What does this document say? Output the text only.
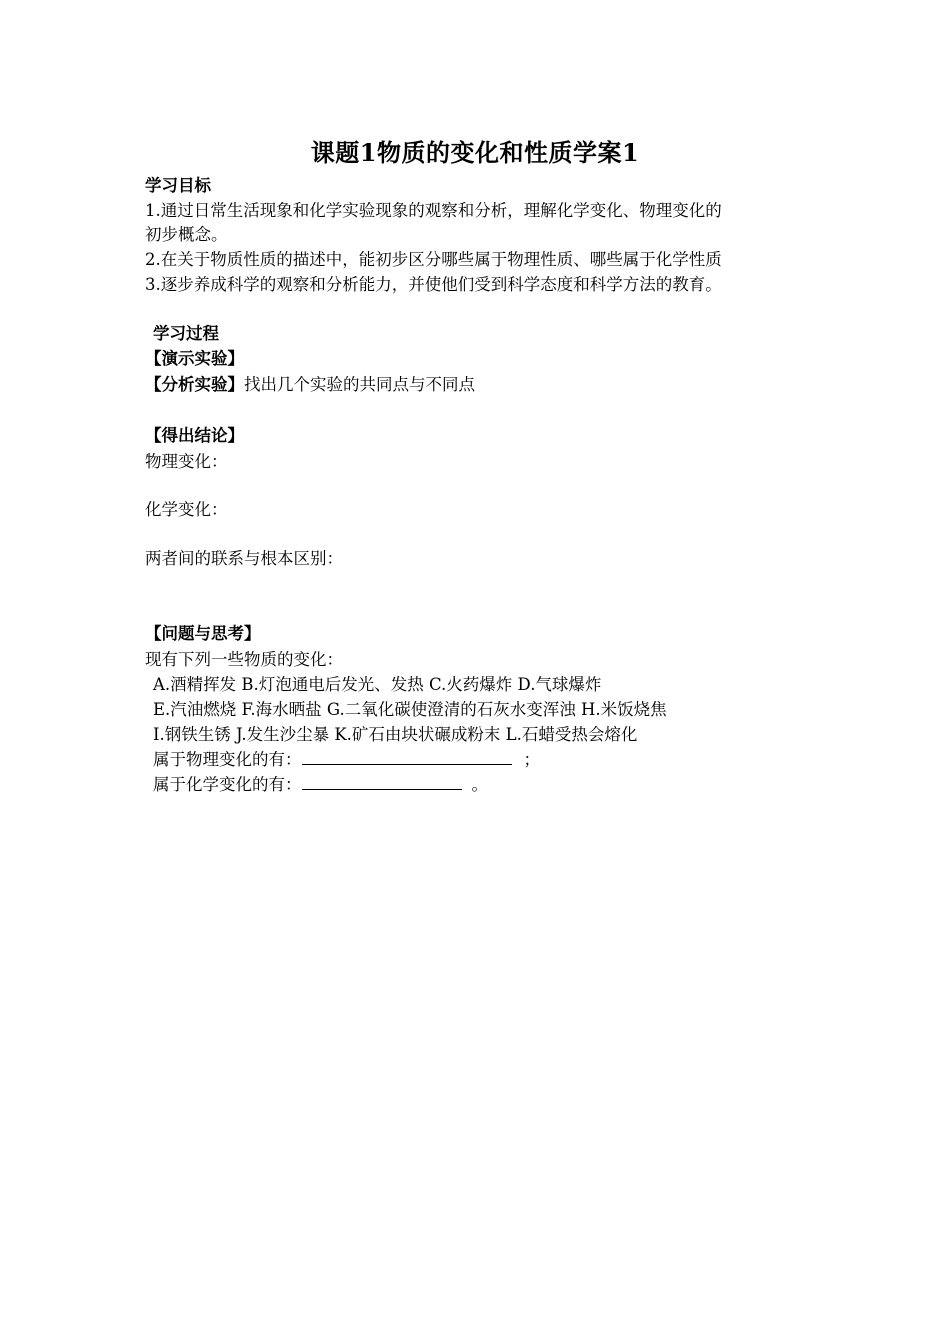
课题1物质的变化和性质学案1
学习目标
1.通过日常生活现象和化学实验现象的观察和分析，理解化学变化、物理变化的
初步概念。
2.在关于物质性质的描述中，能初步区分哪些属于物理性质、哪些属于化学性质
3.逐步养成科学的观察和分析能力，并使他们受到科学态度和科学方法的教育。
学习过程
【演示实验】
【分析实验】找出几个实验的共同点与不同点
【得出结论】
物理变化：
化学变化：
两者间的联系与根本区别：
【问题与思考】
现有下列一些物质的变化：
A.酒精挥发 B.灯泡通电后发光、发热 C.火药爆炸 D.气球爆炸
E.汽油燃烧 F.海水晒盐 G.二氧化碳使澄清的石灰水变浑浊 H.米饭烧焦
I.钢铁生锈 J.发生沙尘暴 K.矿石由块状碾成粉末 L.石蜡受热会熔化
属于物理变化的有：	；
属于化学变化的有：	。
